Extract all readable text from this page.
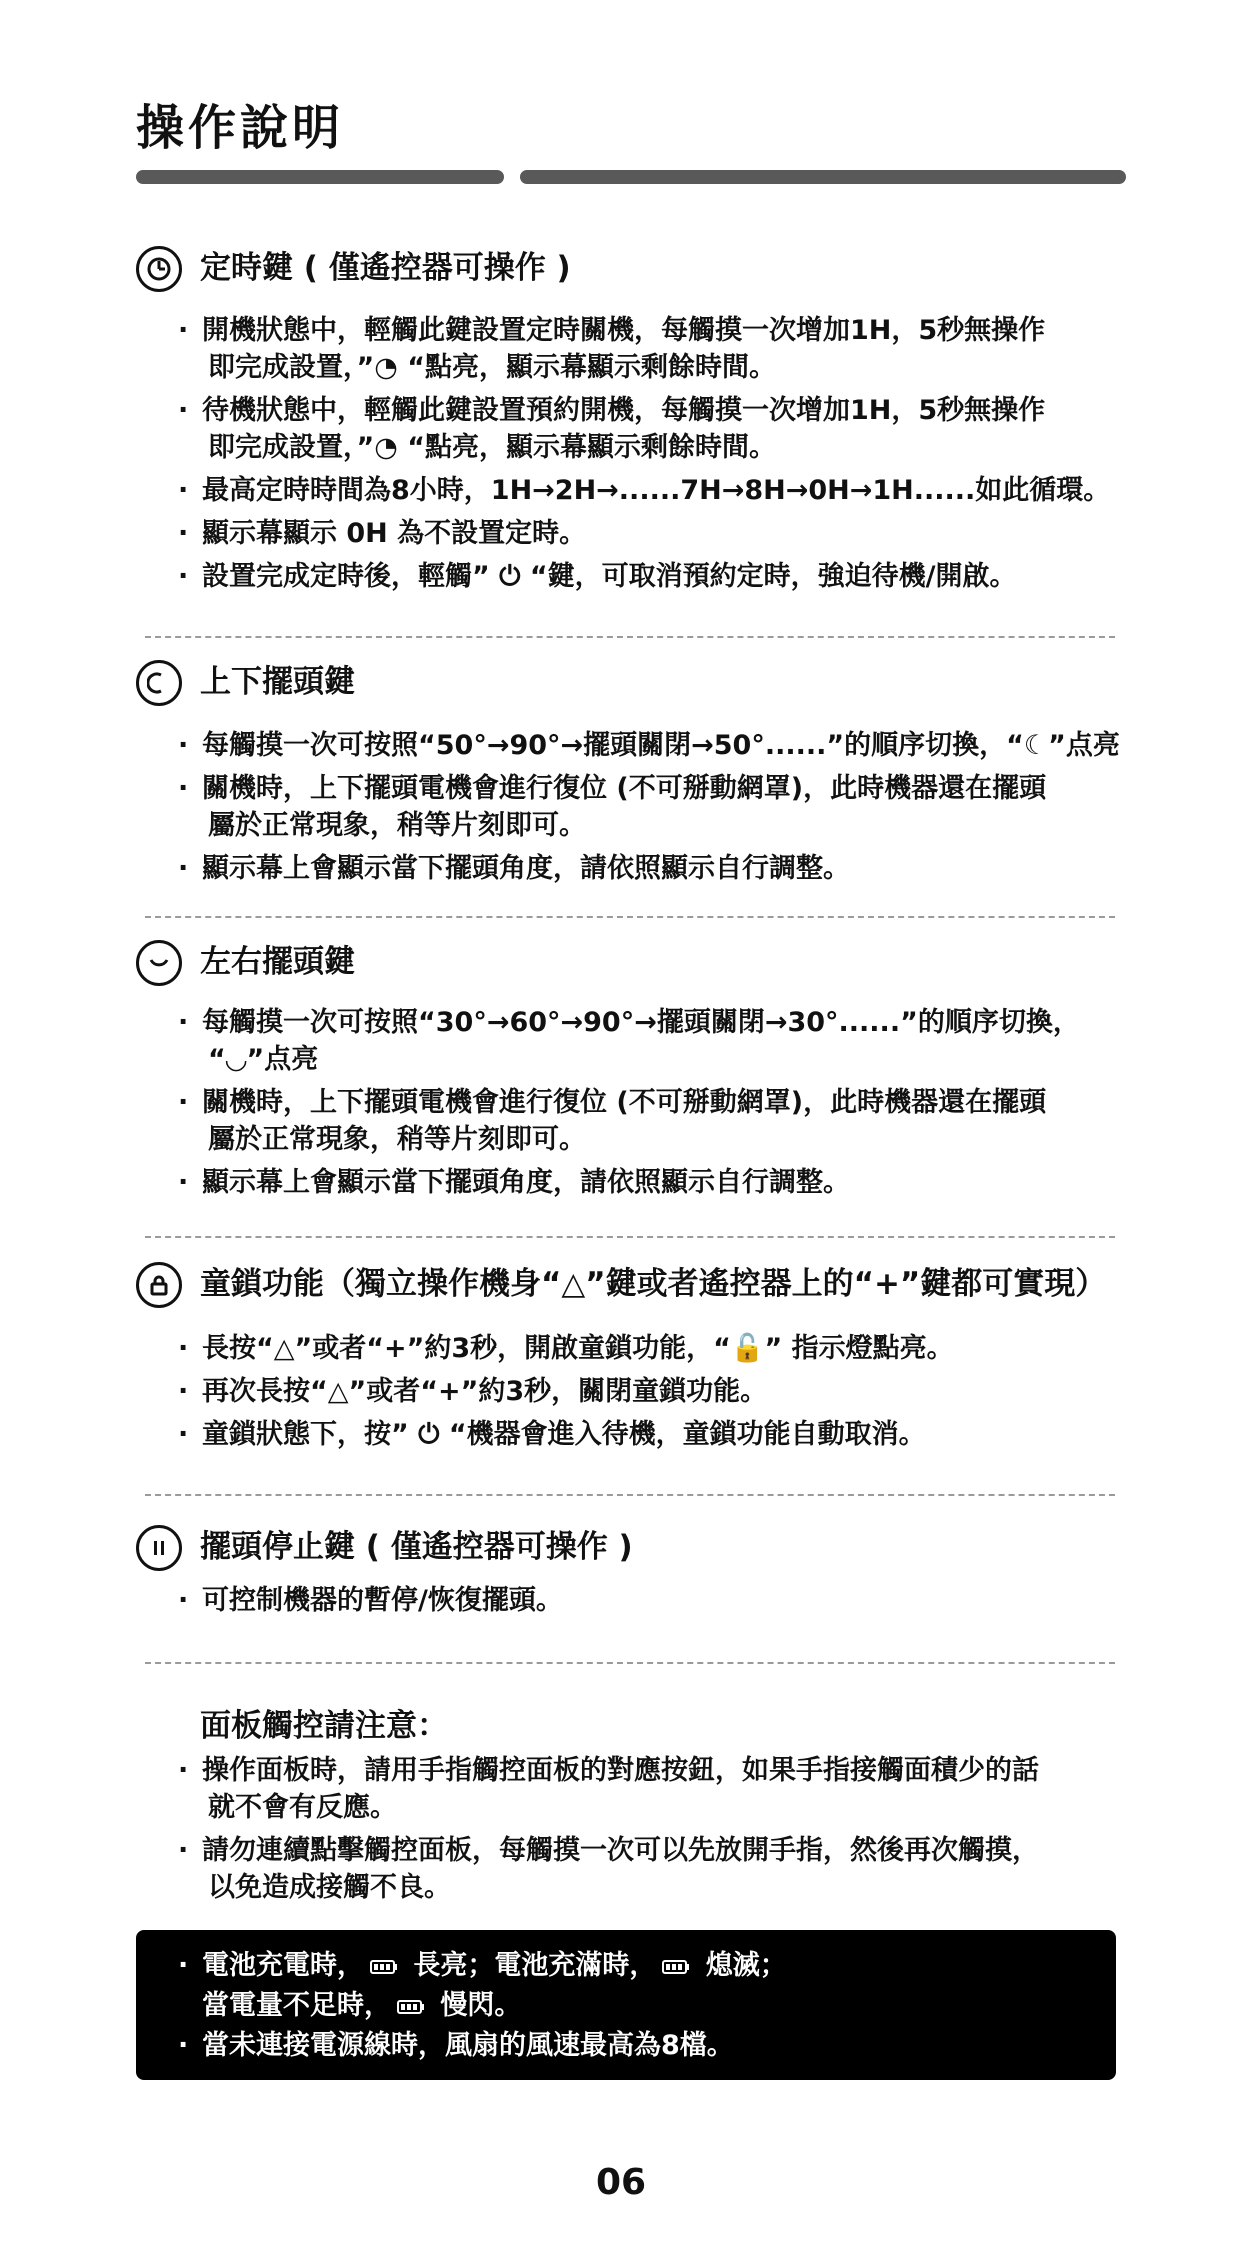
操作說明
定時鍵 ( 僅遙控器可操作 )
· 開機狀態中，輕觸此鍵設置定時關機，每觸摸一次增加1H，5秒無操作
即完成設置，”◔ “點亮，顯示幕顯示剩餘時間。
· 待機狀態中，輕觸此鍵設置預約開機，每觸摸一次增加1H，5秒無操作
即完成設置，”◔ “點亮，顯示幕顯示剩餘時間。
· 最高定時時間為8小時，1H→2H→......7H→8H→0H→1H......如此循環。
· 顯示幕顯示 0H 為不設置定時。
· 設置完成定時後，輕觸” ⏻ “鍵，可取消預約定時，強迫待機/開啟。
上下擺頭鍵
· 每觸摸一次可按照“50°→90°→擺頭關閉→50°......”的順序切換，“☾”点亮
· 關機時，上下擺頭電機會進行復位 (不可掰動網罩)，此時機器還在擺頭
屬於正常現象，稍等片刻即可。
· 顯示幕上會顯示當下擺頭角度，請依照顯示自行調整。
左右擺頭鍵
· 每觸摸一次可按照“30°→60°→90°→擺頭關閉→30°......”的順序切換，
“◡”点亮
· 關機時，上下擺頭電機會進行復位 (不可掰動網罩)，此時機器還在擺頭
屬於正常現象，稍等片刻即可。
· 顯示幕上會顯示當下擺頭角度，請依照顯示自行調整。
童鎖功能（獨立操作機身“△”鍵或者遙控器上的“+”鍵都可實現）
· 長按“△”或者“+”約3秒，開啟童鎖功能，“🔓” 指示燈點亮。
· 再次長按“△”或者“+”約3秒，關閉童鎖功能。
· 童鎖狀態下，按” ⏻ “機器會進入待機，童鎖功能自動取消。
擺頭停止鍵 ( 僅遙控器可操作 )
· 可控制機器的暫停/恢復擺頭。
面板觸控請注意：
· 操作面板時，請用手指觸控面板的對應按鈕，如果手指接觸面積少的話
就不會有反應。
· 請勿連續點擊觸控面板，每觸摸一次可以先放開手指，然後再次觸摸，
以免造成接觸不良。
· 電池充電時， 長亮；電池充滿時， 熄滅；
當電量不足時， 慢閃。
· 當未連接電源線時，風扇的風速最高為8檔。
06
